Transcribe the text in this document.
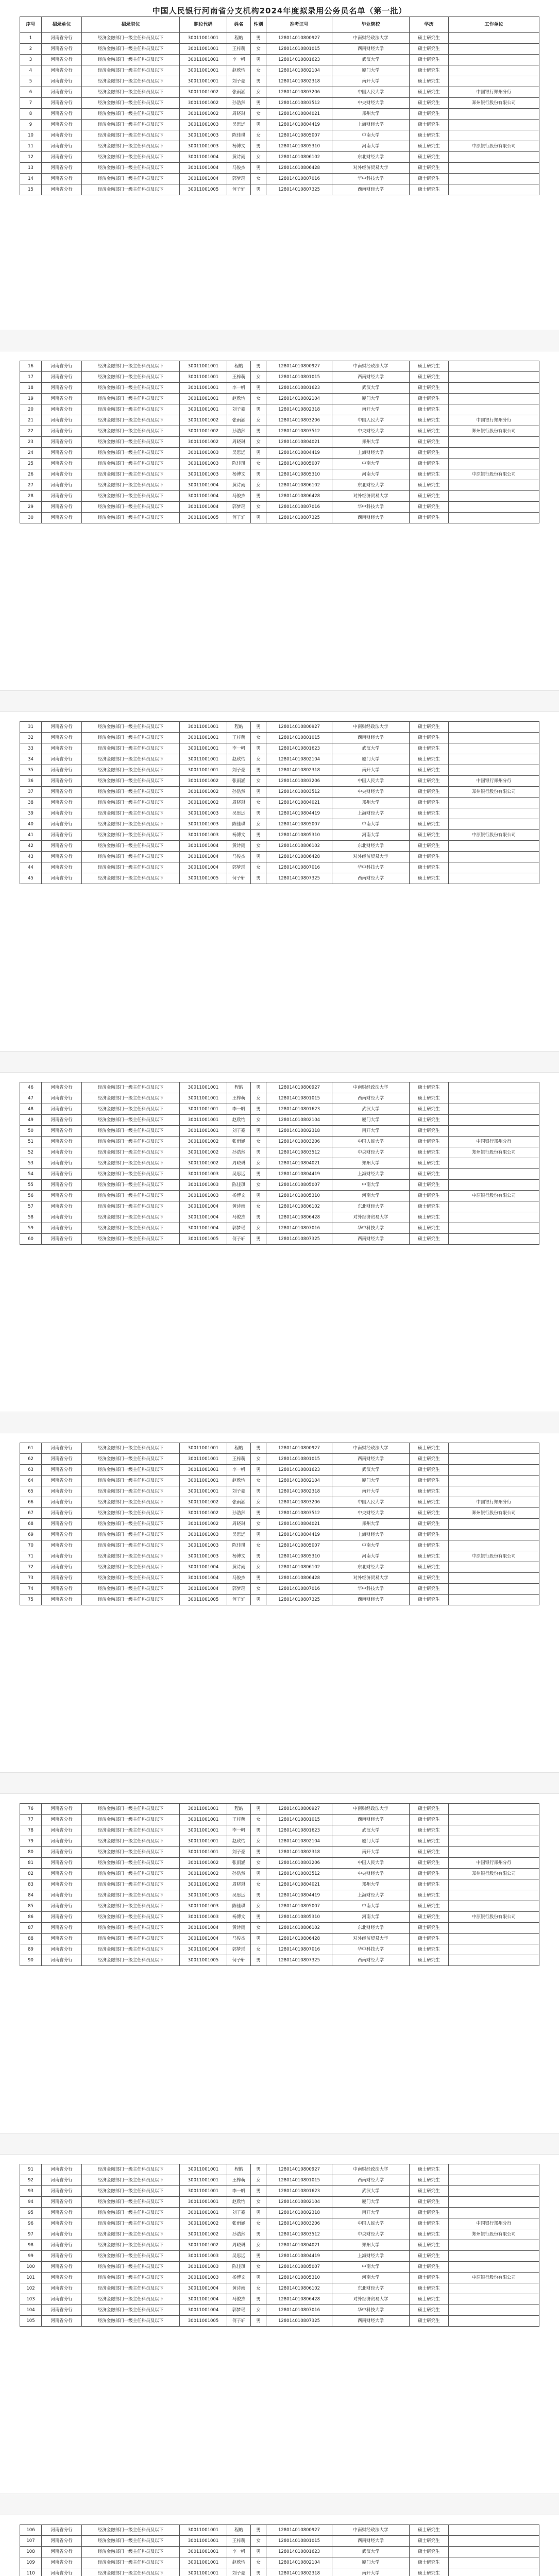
中国人民银行河南省分支机构2024年度拟录用公务员名单（第一批）
序号	招录单位	招录职位	职位代码	姓名	性别	准考证号	毕业院校	学历	工作单位
1	河南省分行	经济金融部门一级主任科员及以下	30011001001	程皓	男	128014010800927	中南财经政法大学	硕士研究生	
2	河南省分行	经济金融部门一级主任科员及以下	30011001001	王梓萌	女	128014010801015	西南财经大学	硕士研究生	
3	河南省分行	经济金融部门一级主任科员及以下	30011001001	李一帆	男	128014010801623	武汉大学	硕士研究生	
4	河南省分行	经济金融部门一级主任科员及以下	30011001001	赵欣怡	女	128014010802104	厦门大学	硕士研究生	
5	河南省分行	经济金融部门一级主任科员及以下	30011001001	刘子豪	男	128014010802318	南开大学	硕士研究生	
6	河南省分行	经济金融部门一级主任科员及以下	30011001002	张雨涵	女	128014010803206	中国人民大学	硕士研究生	中国银行郑州分行
7	河南省分行	经济金融部门一级主任科员及以下	30011001002	孙浩然	男	128014010803512	中央财经大学	硕士研究生	郑州银行股份有限公司
8	河南省分行	经济金融部门一级主任科员及以下	30011001002	周晓琳	女	128014010804021	郑州大学	硕士研究生	
9	河南省分行	经济金融部门一级主任科员及以下	30011001003	吴思远	男	128014010804419	上海财经大学	硕士研究生	
10	河南省分行	经济金融部门一级主任科员及以下	30011001003	陈佳琪	女	128014010805007	中南大学	硕士研究生	
11	河南省分行	经济金融部门一级主任科员及以下	30011001003	杨博文	男	128014010805310	河南大学	硕士研究生	中原银行股份有限公司
12	河南省分行	经济金融部门一级主任科员及以下	30011001004	黄诗雨	女	128014010806102	东北财经大学	硕士研究生	
13	河南省分行	经济金融部门一级主任科员及以下	30011001004	马俊杰	男	128014010806428	对外经济贸易大学	硕士研究生	
14	河南省分行	经济金融部门一级主任科员及以下	30011001004	郭梦瑶	女	128014010807016	华中科技大学	硕士研究生	
15	河南省分行	经济金融部门一级主任科员及以下	30011001005	何子轩	男	128014010807325	西南财经大学	硕士研究生	
16	河南省分行	经济金融部门一级主任科员及以下	30011001001	程皓	男	128014010800927	中南财经政法大学	硕士研究生	
17	河南省分行	经济金融部门一级主任科员及以下	30011001001	王梓萌	女	128014010801015	西南财经大学	硕士研究生	
18	河南省分行	经济金融部门一级主任科员及以下	30011001001	李一帆	男	128014010801623	武汉大学	硕士研究生	
19	河南省分行	经济金融部门一级主任科员及以下	30011001001	赵欣怡	女	128014010802104	厦门大学	硕士研究生	
20	河南省分行	经济金融部门一级主任科员及以下	30011001001	刘子豪	男	128014010802318	南开大学	硕士研究生	
21	河南省分行	经济金融部门一级主任科员及以下	30011001002	张雨涵	女	128014010803206	中国人民大学	硕士研究生	中国银行郑州分行
22	河南省分行	经济金融部门一级主任科员及以下	30011001002	孙浩然	男	128014010803512	中央财经大学	硕士研究生	郑州银行股份有限公司
23	河南省分行	经济金融部门一级主任科员及以下	30011001002	周晓琳	女	128014010804021	郑州大学	硕士研究生	
24	河南省分行	经济金融部门一级主任科员及以下	30011001003	吴思远	男	128014010804419	上海财经大学	硕士研究生	
25	河南省分行	经济金融部门一级主任科员及以下	30011001003	陈佳琪	女	128014010805007	中南大学	硕士研究生	
26	河南省分行	经济金融部门一级主任科员及以下	30011001003	杨博文	男	128014010805310	河南大学	硕士研究生	中原银行股份有限公司
27	河南省分行	经济金融部门一级主任科员及以下	30011001004	黄诗雨	女	128014010806102	东北财经大学	硕士研究生	
28	河南省分行	经济金融部门一级主任科员及以下	30011001004	马俊杰	男	128014010806428	对外经济贸易大学	硕士研究生	
29	河南省分行	经济金融部门一级主任科员及以下	30011001004	郭梦瑶	女	128014010807016	华中科技大学	硕士研究生	
30	河南省分行	经济金融部门一级主任科员及以下	30011001005	何子轩	男	128014010807325	西南财经大学	硕士研究生	
31	河南省分行	经济金融部门一级主任科员及以下	30011001001	程皓	男	128014010800927	中南财经政法大学	硕士研究生	
32	河南省分行	经济金融部门一级主任科员及以下	30011001001	王梓萌	女	128014010801015	西南财经大学	硕士研究生	
33	河南省分行	经济金融部门一级主任科员及以下	30011001001	李一帆	男	128014010801623	武汉大学	硕士研究生	
34	河南省分行	经济金融部门一级主任科员及以下	30011001001	赵欣怡	女	128014010802104	厦门大学	硕士研究生	
35	河南省分行	经济金融部门一级主任科员及以下	30011001001	刘子豪	男	128014010802318	南开大学	硕士研究生	
36	河南省分行	经济金融部门一级主任科员及以下	30011001002	张雨涵	女	128014010803206	中国人民大学	硕士研究生	中国银行郑州分行
37	河南省分行	经济金融部门一级主任科员及以下	30011001002	孙浩然	男	128014010803512	中央财经大学	硕士研究生	郑州银行股份有限公司
38	河南省分行	经济金融部门一级主任科员及以下	30011001002	周晓琳	女	128014010804021	郑州大学	硕士研究生	
39	河南省分行	经济金融部门一级主任科员及以下	30011001003	吴思远	男	128014010804419	上海财经大学	硕士研究生	
40	河南省分行	经济金融部门一级主任科员及以下	30011001003	陈佳琪	女	128014010805007	中南大学	硕士研究生	
41	河南省分行	经济金融部门一级主任科员及以下	30011001003	杨博文	男	128014010805310	河南大学	硕士研究生	中原银行股份有限公司
42	河南省分行	经济金融部门一级主任科员及以下	30011001004	黄诗雨	女	128014010806102	东北财经大学	硕士研究生	
43	河南省分行	经济金融部门一级主任科员及以下	30011001004	马俊杰	男	128014010806428	对外经济贸易大学	硕士研究生	
44	河南省分行	经济金融部门一级主任科员及以下	30011001004	郭梦瑶	女	128014010807016	华中科技大学	硕士研究生	
45	河南省分行	经济金融部门一级主任科员及以下	30011001005	何子轩	男	128014010807325	西南财经大学	硕士研究生	
46	河南省分行	经济金融部门一级主任科员及以下	30011001001	程皓	男	128014010800927	中南财经政法大学	硕士研究生	
47	河南省分行	经济金融部门一级主任科员及以下	30011001001	王梓萌	女	128014010801015	西南财经大学	硕士研究生	
48	河南省分行	经济金融部门一级主任科员及以下	30011001001	李一帆	男	128014010801623	武汉大学	硕士研究生	
49	河南省分行	经济金融部门一级主任科员及以下	30011001001	赵欣怡	女	128014010802104	厦门大学	硕士研究生	
50	河南省分行	经济金融部门一级主任科员及以下	30011001001	刘子豪	男	128014010802318	南开大学	硕士研究生	
51	河南省分行	经济金融部门一级主任科员及以下	30011001002	张雨涵	女	128014010803206	中国人民大学	硕士研究生	中国银行郑州分行
52	河南省分行	经济金融部门一级主任科员及以下	30011001002	孙浩然	男	128014010803512	中央财经大学	硕士研究生	郑州银行股份有限公司
53	河南省分行	经济金融部门一级主任科员及以下	30011001002	周晓琳	女	128014010804021	郑州大学	硕士研究生	
54	河南省分行	经济金融部门一级主任科员及以下	30011001003	吴思远	男	128014010804419	上海财经大学	硕士研究生	
55	河南省分行	经济金融部门一级主任科员及以下	30011001003	陈佳琪	女	128014010805007	中南大学	硕士研究生	
56	河南省分行	经济金融部门一级主任科员及以下	30011001003	杨博文	男	128014010805310	河南大学	硕士研究生	中原银行股份有限公司
57	河南省分行	经济金融部门一级主任科员及以下	30011001004	黄诗雨	女	128014010806102	东北财经大学	硕士研究生	
58	河南省分行	经济金融部门一级主任科员及以下	30011001004	马俊杰	男	128014010806428	对外经济贸易大学	硕士研究生	
59	河南省分行	经济金融部门一级主任科员及以下	30011001004	郭梦瑶	女	128014010807016	华中科技大学	硕士研究生	
60	河南省分行	经济金融部门一级主任科员及以下	30011001005	何子轩	男	128014010807325	西南财经大学	硕士研究生	
61	河南省分行	经济金融部门一级主任科员及以下	30011001001	程皓	男	128014010800927	中南财经政法大学	硕士研究生	
62	河南省分行	经济金融部门一级主任科员及以下	30011001001	王梓萌	女	128014010801015	西南财经大学	硕士研究生	
63	河南省分行	经济金融部门一级主任科员及以下	30011001001	李一帆	男	128014010801623	武汉大学	硕士研究生	
64	河南省分行	经济金融部门一级主任科员及以下	30011001001	赵欣怡	女	128014010802104	厦门大学	硕士研究生	
65	河南省分行	经济金融部门一级主任科员及以下	30011001001	刘子豪	男	128014010802318	南开大学	硕士研究生	
66	河南省分行	经济金融部门一级主任科员及以下	30011001002	张雨涵	女	128014010803206	中国人民大学	硕士研究生	中国银行郑州分行
67	河南省分行	经济金融部门一级主任科员及以下	30011001002	孙浩然	男	128014010803512	中央财经大学	硕士研究生	郑州银行股份有限公司
68	河南省分行	经济金融部门一级主任科员及以下	30011001002	周晓琳	女	128014010804021	郑州大学	硕士研究生	
69	河南省分行	经济金融部门一级主任科员及以下	30011001003	吴思远	男	128014010804419	上海财经大学	硕士研究生	
70	河南省分行	经济金融部门一级主任科员及以下	30011001003	陈佳琪	女	128014010805007	中南大学	硕士研究生	
71	河南省分行	经济金融部门一级主任科员及以下	30011001003	杨博文	男	128014010805310	河南大学	硕士研究生	中原银行股份有限公司
72	河南省分行	经济金融部门一级主任科员及以下	30011001004	黄诗雨	女	128014010806102	东北财经大学	硕士研究生	
73	河南省分行	经济金融部门一级主任科员及以下	30011001004	马俊杰	男	128014010806428	对外经济贸易大学	硕士研究生	
74	河南省分行	经济金融部门一级主任科员及以下	30011001004	郭梦瑶	女	128014010807016	华中科技大学	硕士研究生	
75	河南省分行	经济金融部门一级主任科员及以下	30011001005	何子轩	男	128014010807325	西南财经大学	硕士研究生	
76	河南省分行	经济金融部门一级主任科员及以下	30011001001	程皓	男	128014010800927	中南财经政法大学	硕士研究生	
77	河南省分行	经济金融部门一级主任科员及以下	30011001001	王梓萌	女	128014010801015	西南财经大学	硕士研究生	
78	河南省分行	经济金融部门一级主任科员及以下	30011001001	李一帆	男	128014010801623	武汉大学	硕士研究生	
79	河南省分行	经济金融部门一级主任科员及以下	30011001001	赵欣怡	女	128014010802104	厦门大学	硕士研究生	
80	河南省分行	经济金融部门一级主任科员及以下	30011001001	刘子豪	男	128014010802318	南开大学	硕士研究生	
81	河南省分行	经济金融部门一级主任科员及以下	30011001002	张雨涵	女	128014010803206	中国人民大学	硕士研究生	中国银行郑州分行
82	河南省分行	经济金融部门一级主任科员及以下	30011001002	孙浩然	男	128014010803512	中央财经大学	硕士研究生	郑州银行股份有限公司
83	河南省分行	经济金融部门一级主任科员及以下	30011001002	周晓琳	女	128014010804021	郑州大学	硕士研究生	
84	河南省分行	经济金融部门一级主任科员及以下	30011001003	吴思远	男	128014010804419	上海财经大学	硕士研究生	
85	河南省分行	经济金融部门一级主任科员及以下	30011001003	陈佳琪	女	128014010805007	中南大学	硕士研究生	
86	河南省分行	经济金融部门一级主任科员及以下	30011001003	杨博文	男	128014010805310	河南大学	硕士研究生	中原银行股份有限公司
87	河南省分行	经济金融部门一级主任科员及以下	30011001004	黄诗雨	女	128014010806102	东北财经大学	硕士研究生	
88	河南省分行	经济金融部门一级主任科员及以下	30011001004	马俊杰	男	128014010806428	对外经济贸易大学	硕士研究生	
89	河南省分行	经济金融部门一级主任科员及以下	30011001004	郭梦瑶	女	128014010807016	华中科技大学	硕士研究生	
90	河南省分行	经济金融部门一级主任科员及以下	30011001005	何子轩	男	128014010807325	西南财经大学	硕士研究生	
91	河南省分行	经济金融部门一级主任科员及以下	30011001001	程皓	男	128014010800927	中南财经政法大学	硕士研究生	
92	河南省分行	经济金融部门一级主任科员及以下	30011001001	王梓萌	女	128014010801015	西南财经大学	硕士研究生	
93	河南省分行	经济金融部门一级主任科员及以下	30011001001	李一帆	男	128014010801623	武汉大学	硕士研究生	
94	河南省分行	经济金融部门一级主任科员及以下	30011001001	赵欣怡	女	128014010802104	厦门大学	硕士研究生	
95	河南省分行	经济金融部门一级主任科员及以下	30011001001	刘子豪	男	128014010802318	南开大学	硕士研究生	
96	河南省分行	经济金融部门一级主任科员及以下	30011001002	张雨涵	女	128014010803206	中国人民大学	硕士研究生	中国银行郑州分行
97	河南省分行	经济金融部门一级主任科员及以下	30011001002	孙浩然	男	128014010803512	中央财经大学	硕士研究生	郑州银行股份有限公司
98	河南省分行	经济金融部门一级主任科员及以下	30011001002	周晓琳	女	128014010804021	郑州大学	硕士研究生	
99	河南省分行	经济金融部门一级主任科员及以下	30011001003	吴思远	男	128014010804419	上海财经大学	硕士研究生	
100	河南省分行	经济金融部门一级主任科员及以下	30011001003	陈佳琪	女	128014010805007	中南大学	硕士研究生	
101	河南省分行	经济金融部门一级主任科员及以下	30011001003	杨博文	男	128014010805310	河南大学	硕士研究生	中原银行股份有限公司
102	河南省分行	经济金融部门一级主任科员及以下	30011001004	黄诗雨	女	128014010806102	东北财经大学	硕士研究生	
103	河南省分行	经济金融部门一级主任科员及以下	30011001004	马俊杰	男	128014010806428	对外经济贸易大学	硕士研究生	
104	河南省分行	经济金融部门一级主任科员及以下	30011001004	郭梦瑶	女	128014010807016	华中科技大学	硕士研究生	
105	河南省分行	经济金融部门一级主任科员及以下	30011001005	何子轩	男	128014010807325	西南财经大学	硕士研究生	
106	河南省分行	经济金融部门一级主任科员及以下	30011001001	程皓	男	128014010800927	中南财经政法大学	硕士研究生	
107	河南省分行	经济金融部门一级主任科员及以下	30011001001	王梓萌	女	128014010801015	西南财经大学	硕士研究生	
108	河南省分行	经济金融部门一级主任科员及以下	30011001001	李一帆	男	128014010801623	武汉大学	硕士研究生	
109	河南省分行	经济金融部门一级主任科员及以下	30011001001	赵欣怡	女	128014010802104	厦门大学	硕士研究生	
110	河南省分行	经济金融部门一级主任科员及以下	30011001001	刘子豪	男	128014010802318	南开大学	硕士研究生	
